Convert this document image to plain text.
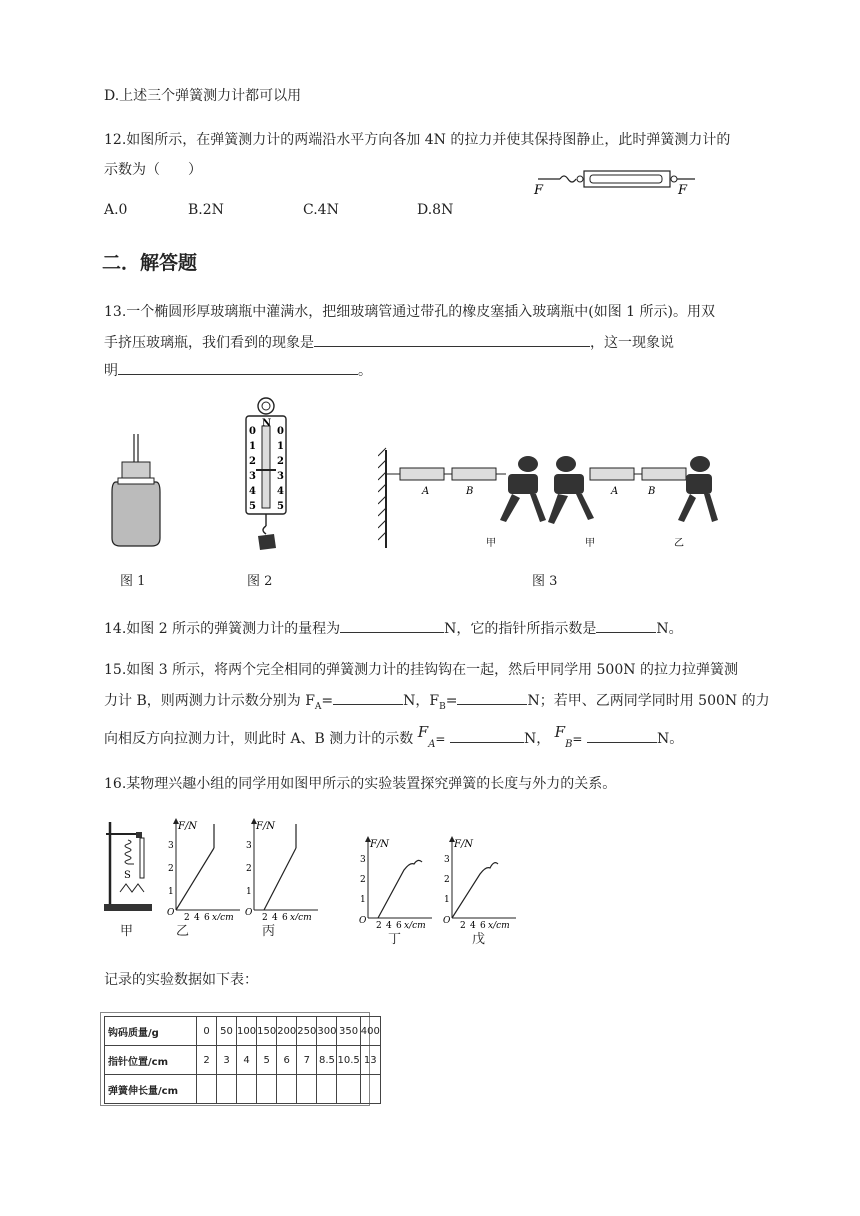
D.上述三个弹簧测力计都可以用
12.如图所示，在弹簧测力计的两端沿水平方向各加 4N 的拉力并使其保持图静止，此时弹簧测力计的
示数为（　　）
A.0	B.2N	C.4N	D.8N
F	F
二．解答题
13.一个椭圆形厚玻璃瓶中灌满水，把细玻璃管通过带孔的橡皮塞插入玻璃瓶中(如图 1 所示)。用双
手挤压玻璃瓶，我们看到的现象是	，这一现象说
明	。
图 1
N
0 0
1 1
2 2
3 3
4 4
5 5
图 2
A	B	A	B
甲	甲	乙
图 3
14.如图 2 所示的弹簧测力计的量程为	N，它的指针所指示数是	N。
15.如图 3 所示，将两个完全相同的弹簧测力计的挂钩钩在一起，然后甲同学用 500N 的拉力拉弹簧测
力计 B，则两测力计示数分别为 $F_A=$	N，$F_B=$	N；若甲、乙两同学同时用 500N 的力
向相反方向拉测力计，则此时 A、B 测力计的示数 $F_A=$	N， $F_B=$	N。
16.某物理兴趣小组的同学用如图甲所示的实验装置探究弹簧的长度与外力的关系。
S
甲
F/N
O
1
2
3
2 4 6 x/cm
乙
F/N
O
1
2
3
2 4 6 x/cm
丙
F/N
O
1
2
3
2 4 6 x/cm
丁
F/N
O
1
2
3
2 4 6 x/cm
戊
记录的实验数据如下表：
钩码质量/g	0	50	100	150	200	250	300	350	400
指针位置/cm	2	3	4	5	6	7	8.5	10.5	13
弹簧伸长量/cm									
